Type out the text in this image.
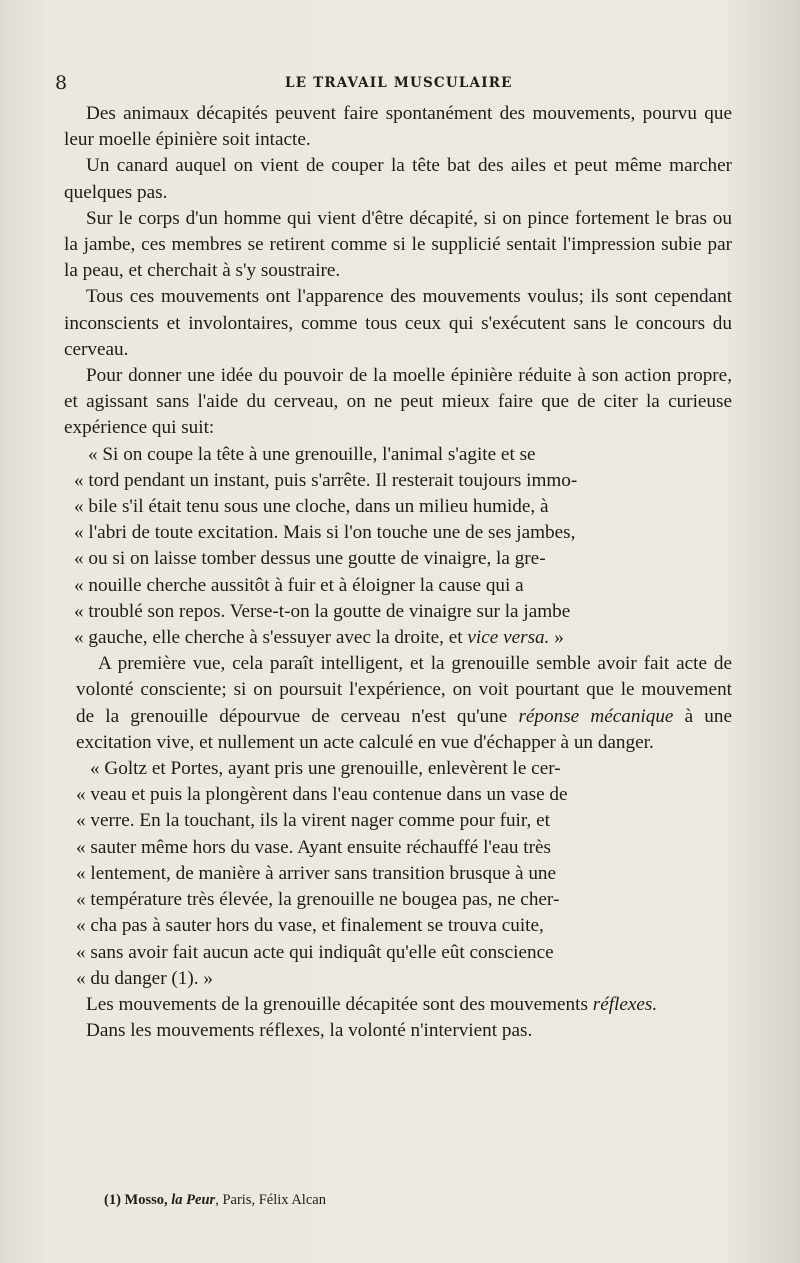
8	LE TRAVAIL MUSCULAIRE

Des animaux décapités peuvent faire spontanément des mouvements, pourvu que leur moelle épinière soit intacte.

Un canard auquel on vient de couper la tête bat des ailes et peut même marcher quelques pas.

Sur le corps d'un homme qui vient d'être décapité, si on pince fortement le bras ou la jambe, ces membres se retirent comme si le supplicié sentait l'impression subie par la peau, et cherchait à s'y soustraire.

Tous ces mouvements ont l'apparence des mouvements voulus; ils sont cependant inconscients et involontaires, comme tous ceux qui s'exécutent sans le concours du cerveau.

Pour donner une idée du pouvoir de la moelle épinière réduite à son action propre, et agissant sans l'aide du cerveau, on ne peut mieux faire que de citer la curieuse expérience qui suit:

« Si on coupe la tête à une grenouille, l'animal s'agite et se
« tord pendant un instant, puis s'arrête. Il resterait toujours immo-
« bile s'il était tenu sous une cloche, dans un milieu humide, à
« l'abri de toute excitation. Mais si l'on touche une de ses jambes,
« ou si on laisse tomber dessus une goutte de vinaigre, la gre-
« nouille cherche aussitôt à fuir et à éloigner la cause qui a
« troublé son repos. Verse-t-on la goutte de vinaigre sur la jambe
« gauche, elle cherche à s'essuyer avec la droite, et vice versa. »

A première vue, cela paraît intelligent, et la grenouille semble avoir fait acte de volonté consciente; si on poursuit l'expérience, on voit pourtant que le mouvement de la grenouille dépourvue de cerveau n'est qu'une réponse mécanique à une excitation vive, et nullement un acte calculé en vue d'échapper à un danger.

« Goltz et Portes, ayant pris une grenouille, enlevèrent le cer-
« veau et puis la plongèrent dans l'eau contenue dans un vase de
« verre. En la touchant, ils la virent nager comme pour fuir, et
« sauter même hors du vase. Ayant ensuite réchauffé l'eau très
« lentement, de manière à arriver sans transition brusque à une
« température très élevée, la grenouille ne bougea pas, ne cher-
« cha pas à sauter hors du vase, et finalement se trouva cuite,
« sans avoir fait aucun acte qui indiquât qu'elle eût conscience
« du danger (1). »

Les mouvements de la grenouille décapitée sont des mouvements réflexes.

Dans les mouvements réflexes, la volonté n'intervient pas.

(1) Mosso, la Peur, Paris, Félix Alcan
